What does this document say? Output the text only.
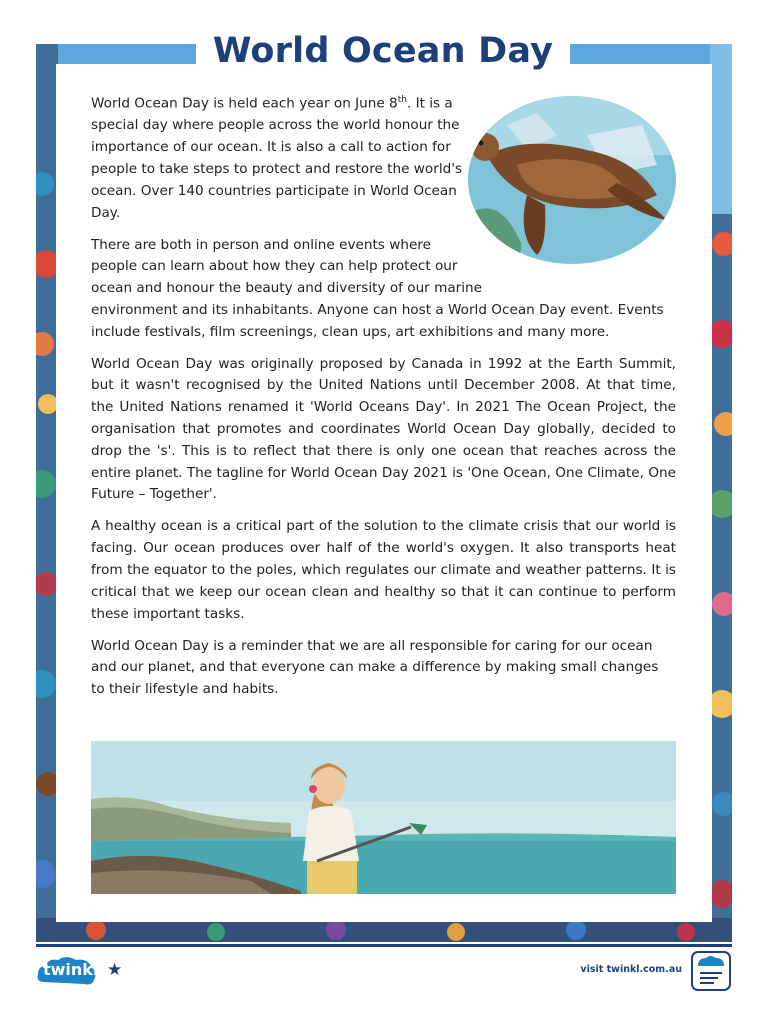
World Ocean Day

World Ocean Day is held each year on June 8th. It is a special day where people across the world honour the importance of our ocean. It is also a call to action for people to take steps to protect and restore the world's ocean. Over 140 countries participate in World Ocean Day.

There are both in person and online events where people can learn about how they can help protect our ocean and honour the beauty and diversity of our marine environment and its inhabitants. Anyone can host a World Ocean Day event. Events include festivals, film screenings, clean ups, art exhibitions and many more.

World Ocean Day was originally proposed by Canada in 1992 at the Earth Summit, but it wasn't recognised by the United Nations until December 2008. At that time, the United Nations renamed it 'World Oceans Day'. In 2021 The Ocean Project, the organisation that promotes and coordinates World Ocean Day globally, decided to drop the 's'. This is to reflect that there is only one ocean that reaches across the entire planet. The tagline for World Ocean Day 2021 is 'One Ocean, One Climate, One Future – Together'.

A healthy ocean is a critical part of the solution to the climate crisis that our world is facing. Our ocean produces over half of the world's oxygen. It also transports heat from the equator to the poles, which regulates our climate and weather patterns. It is critical that we keep our ocean clean and healthy so that it can continue to perform these important tasks.

World Ocean Day is a reminder that we are all responsible for caring for our ocean and our planet, and that everyone can make a difference by making small changes to their lifestyle and habits.

twinkl ★	visit twinkl.com.au
